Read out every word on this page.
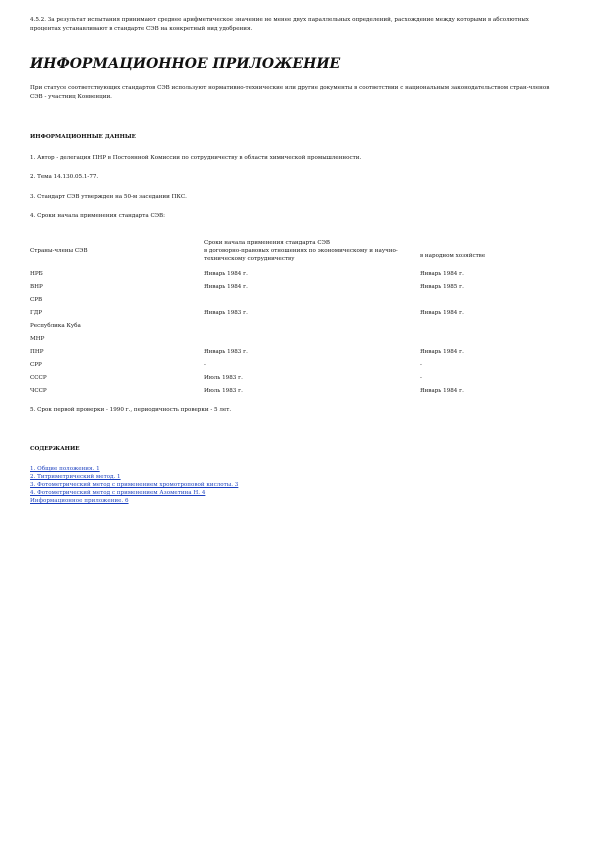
4.5.2. За результат испытания принимают среднее арифметическое значение не менее двух параллельных определений, расхождение между которыми в абсолютных процентах устанавливают в стандарте СЭВ на конкретный вид удобрения.

ИНФОРМАЦИОННОЕ ПРИЛОЖЕНИЕ

При статусе соответствующих стандартов СЭВ используют нормативно-технические или другие документы в соответствии с национальным законодательством стран-членов СЭВ - участниц Конвенции.

ИНФОРМАЦИОННЫЕ ДАННЫЕ

1. Автор - делегация ПНР в Постоянной Комиссии по сотрудничеству в области химической промышленности.

2. Тема 14.130.05.1-77.

3. Стандарт СЭВ утвержден на 50-м заседании ПКС.

4. Сроки начала применения стандарта СЭВ:

Сроки начала применения стандарта СЭВ
Страны-члены СЭВ	в договорно-правовых отношениях по экономическому и научно-техническому сотрудничеству	в народном хозяйстве
НРБ	Январь 1984 г.	Январь 1984 г.
ВНР	Январь 1984 г.	Январь 1985 г.
СРВ
ГДР	Январь 1983 г.	Январь 1984 г.
Республика Куба
МНР
ПНР	Январь 1983 г.	Январь 1984 г.
СРР	-	-
СССР	Июль 1983 г.	-
ЧССР	Июль 1983 г.	Январь 1984 г.

5. Срок первой проверки - 1990 г., периодичность проверки - 5 лет.

СОДЕРЖАНИЕ

1. Общие положения. 1
2. Титриметрический метод. 1
3. Фотометрический метод с применением хромотроповой кислоты. 3
4. Фотометрический метод с применением Азометина Н. 4
Информационное приложение. 6
